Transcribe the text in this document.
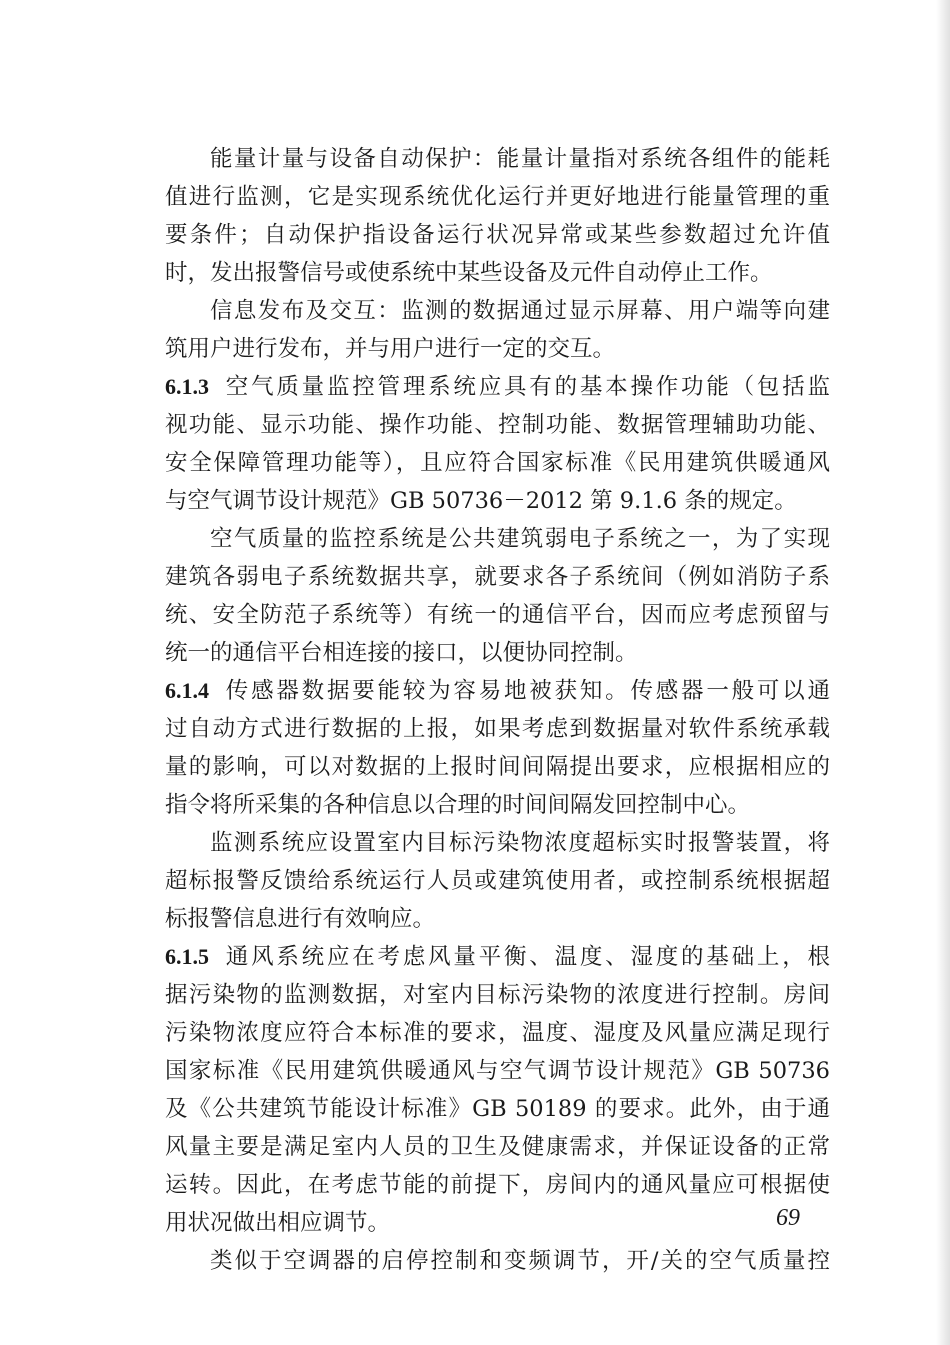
能量计量与设备自动保护：能量计量指对系统各组件的能耗
值进行监测，它是实现系统优化运行并更好地进行能量管理的重
要条件；自动保护指设备运行状况异常或某些参数超过允许值
时，发出报警信号或使系统中某些设备及元件自动停止工作。
信息发布及交互：监测的数据通过显示屏幕、用户端等向建
筑用户进行发布，并与用户进行一定的交互。
6.1.3 空气质量监控管理系统应具有的基本操作功能（包括监
视功能、显示功能、操作功能、控制功能、数据管理辅助功能、
安全保障管理功能等），且应符合国家标准《民用建筑供暖通风
与空气调节设计规范》GB 50736－2012 第 9.1.6 条的规定。
空气质量的监控系统是公共建筑弱电子系统之一，为了实现
建筑各弱电子系统数据共享，就要求各子系统间（例如消防子系
统、安全防范子系统等）有统一的通信平台，因而应考虑预留与
统一的通信平台相连接的接口，以便协同控制。
6.1.4 传感器数据要能较为容易地被获知。传感器一般可以通
过自动方式进行数据的上报，如果考虑到数据量对软件系统承载
量的影响，可以对数据的上报时间间隔提出要求，应根据相应的
指令将所采集的各种信息以合理的时间间隔发回控制中心。
监测系统应设置室内目标污染物浓度超标实时报警装置，将
超标报警反馈给系统运行人员或建筑使用者，或控制系统根据超
标报警信息进行有效响应。
6.1.5 通风系统应在考虑风量平衡、温度、湿度的基础上，根
据污染物的监测数据，对室内目标污染物的浓度进行控制。房间
污染物浓度应符合本标准的要求，温度、湿度及风量应满足现行
国家标准《民用建筑供暖通风与空气调节设计规范》GB 50736
及《公共建筑节能设计标准》GB 50189 的要求。此外，由于通
风量主要是满足室内人员的卫生及健康需求，并保证设备的正常
运转。因此，在考虑节能的前提下，房间内的通风量应可根据使
用状况做出相应调节。
类似于空调器的启停控制和变频调节，开/关的空气质量控
69
